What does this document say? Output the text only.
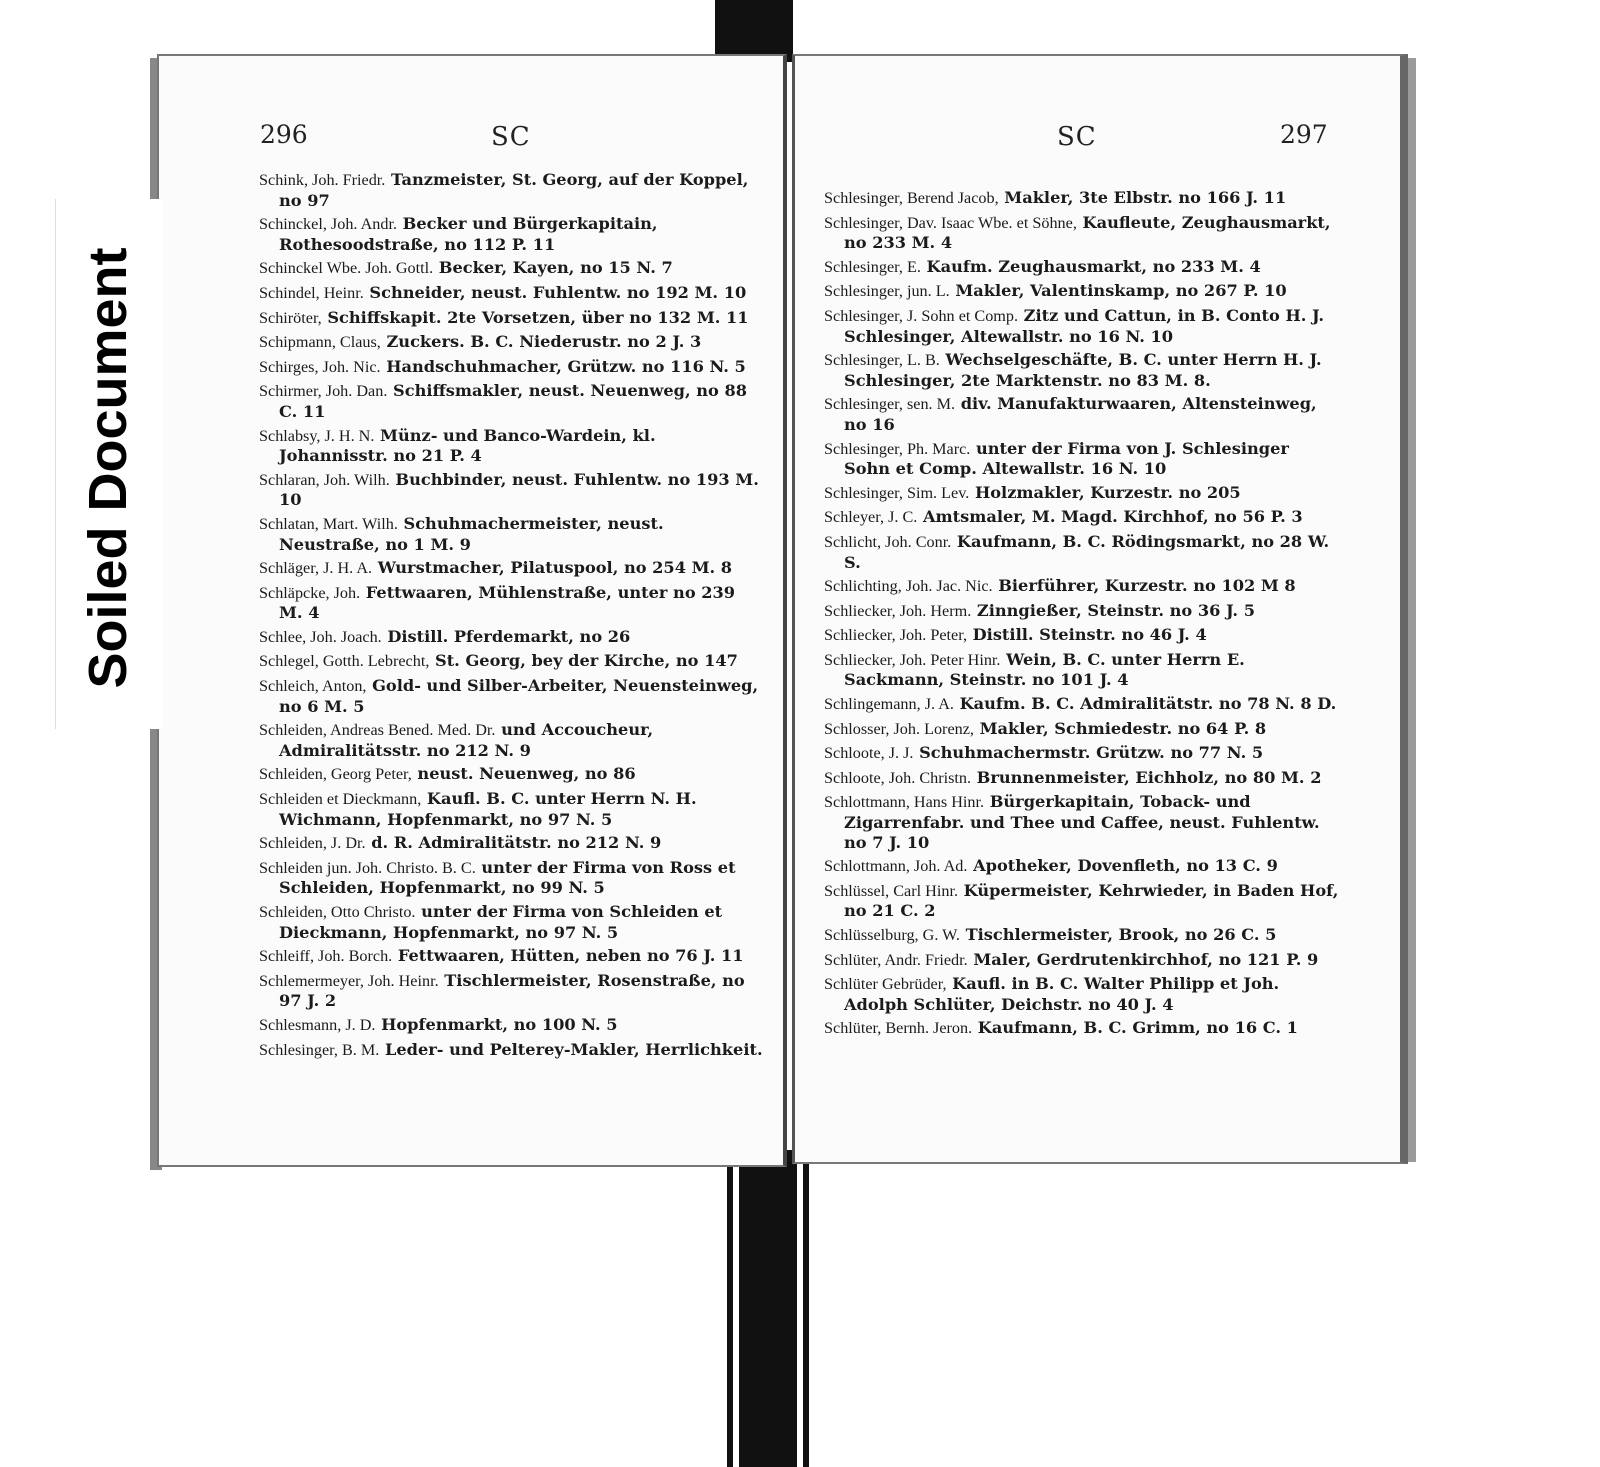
296	SC
Schink, Joh. Friedr. Tanzmeister, St. Georg, auf der Koppel, no 97
Schinckel, Joh. Andr. Becker und Bürgerkapitain, Rothesoodstraße, no 112 P. 11
Schinckel Wbe. Joh. Gottl. Becker, Kayen, no 15 N. 7
Schindel, Heinr. Schneider, neust. Fuhlentw. no 192 M. 10
Schiröter, Schiffskapit. 2te Vorsetzen, über no 132 M. 11
Schipmann, Claus, Zuckers. B. C. Niederustr. no 2 J. 3
Schirges, Joh. Nic. Handschuhmacher, Grützw. no 116 N. 5
Schirmer, Joh. Dan. Schiffsmakler, neust. Neuenweg, no 88 C. 11
Schlabsy, J. H. N. Münz- und Banco-Wardein, kl. Johannisstr. no 21 P. 4
Schlaran, Joh. Wilh. Buchbinder, neust. Fuhlentw. no 193 M. 10
Schlatan, Mart. Wilh. Schuhmachermeister, neust. Neustraße, no 1 M. 9
Schläger, J. H. A. Wurstmacher, Pilatuspool, no 254 M. 8
Schläpcke, Joh. Fettwaaren, Mühlenstraße, unter no 239 M. 4
Schlee, Joh. Joach. Distill. Pferdemarkt, no 26
Schlegel, Gotth. Lebrecht, St. Georg, bey der Kirche, no 147
Schleich, Anton, Gold- und Silber-Arbeiter, Neuensteinweg, no 6 M. 5
Schleiden, Andreas Bened. Med. Dr. und Accoucheur, Admiralitätsstr. no 212 N. 9
Schleiden, Georg Peter, neust. Neuenweg, no 86
Schleiden et Dieckmann, Kaufl. B. C. unter Herrn N. H. Wichmann, Hopfenmarkt, no 97 N. 5
Schleiden, J. Dr. d. R. Admiralitätstr. no 212 N. 9
Schleiden jun. Joh. Christo. B. C. unter der Firma von Ross et Schleiden, Hopfenmarkt, no 99 N. 5
Schleiden, Otto Christo. unter der Firma von Schleiden et Dieckmann, Hopfenmarkt, no 97 N. 5
Schleiff, Joh. Borch. Fettwaaren, Hütten, neben no 76 J. 11
Schlemermeyer, Joh. Heinr. Tischlermeister, Rosenstraße, no 97 J. 2
Schlesmann, J. D. Hopfenmarkt, no 100 N. 5
Schlesinger, B. M. Leder- und Pelterey-Makler, Herrlichkeit.
SC	297
Schlesinger, Berend Jacob, Makler, 3te Elbstr. no 166 J. 11
Schlesinger, Dav. Isaac Wbe. et Söhne, Kaufleute, Zeughausmarkt, no 233 M. 4
Schlesinger, E. Kaufm. Zeughausmarkt, no 233 M. 4
Schlesinger, jun. L. Makler, Valentinskamp, no 267 P. 10
Schlesinger, J. Sohn et Comp. Zitz und Cattun, in B. Conto H. J. Schlesinger, Altewallstr. no 16 N. 10
Schlesinger, L. B. Wechselgeschäfte, B. C. unter Herrn H. J. Schlesinger, 2te Marktenstr. no 83 M. 8.
Schlesinger, sen. M. div. Manufakturwaaren, Altensteinweg, no 16
Schlesinger, Ph. Marc. unter der Firma von J. Schlesinger Sohn et Comp. Altewallstr. 16 N. 10
Schlesinger, Sim. Lev. Holzmakler, Kurzestr. no 205
Schleyer, J. C. Amtsmaler, M. Magd. Kirchhof, no 56 P. 3
Schlicht, Joh. Conr. Kaufmann, B. C. Rödingsmarkt, no 28 W. S.
Schlichting, Joh. Jac. Nic. Bierführer, Kurzestr. no 102 M 8
Schliecker, Joh. Herm. Zinngießer, Steinstr. no 36 J. 5
Schliecker, Joh. Peter, Distill. Steinstr. no 46 J. 4
Schliecker, Joh. Peter Hinr. Wein, B. C. unter Herrn E. Sackmann, Steinstr. no 101 J. 4
Schlingemann, J. A. Kaufm. B. C. Admiralitätstr. no 78 N. 8 D.
Schlosser, Joh. Lorenz, Makler, Schmiedestr. no 64 P. 8
Schloote, J. J. Schuhmachermstr. Grützw. no 77 N. 5
Schloote, Joh. Christn. Brunnenmeister, Eichholz, no 80 M. 2
Schlottmann, Hans Hinr. Bürgerkapitain, Toback- und Zigarrenfabr. und Thee und Caffee, neust. Fuhlentw. no 7 J. 10
Schlottmann, Joh. Ad. Apotheker, Dovenfleth, no 13 C. 9
Schlüssel, Carl Hinr. Küpermeister, Kehrwieder, in Baden Hof, no 21 C. 2
Schlüsselburg, G. W. Tischlermeister, Brook, no 26 C. 5
Schlüter, Andr. Friedr. Maler, Gerdrutenkirchhof, no 121 P. 9
Schlüter Gebrüder, Kaufl. in B. C. Walter Philipp et Joh. Adolph Schlüter, Deichstr. no 40 J. 4
Schlüter, Bernh. Jeron. Kaufmann, B. C. Grimm, no 16 C. 1
Soiled Document
